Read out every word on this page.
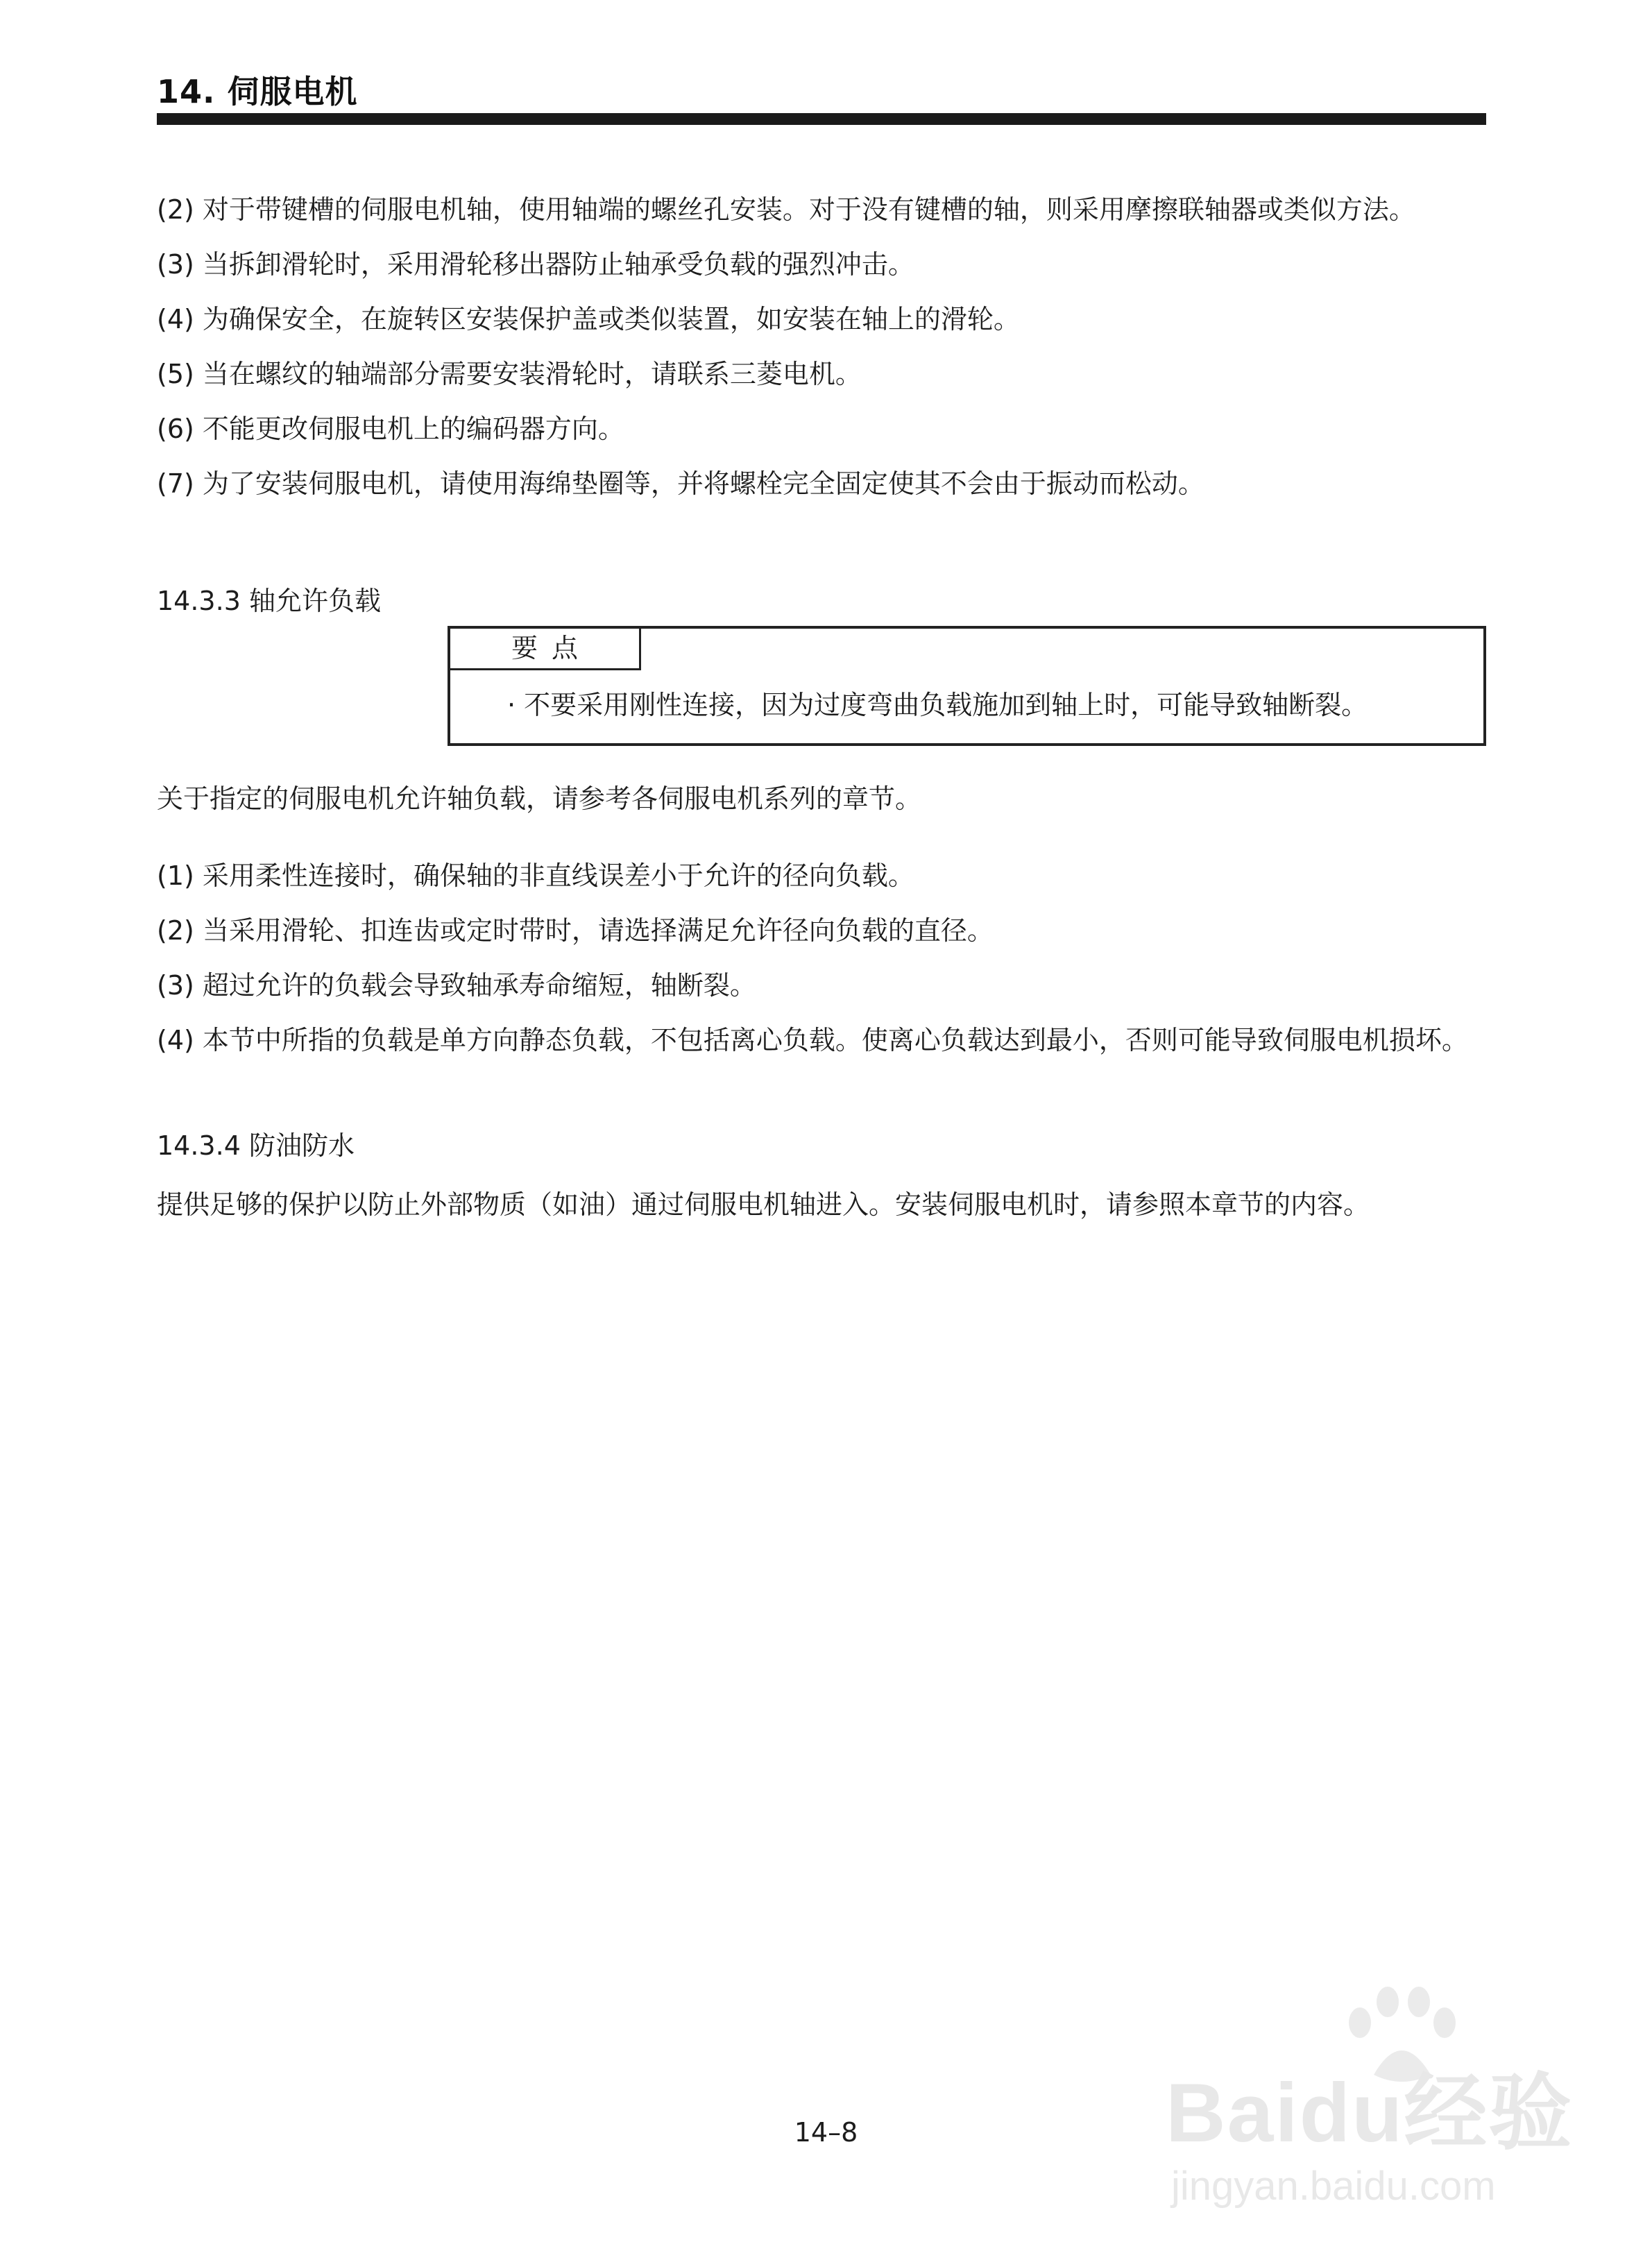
14. 伺服电机
(2) 对于带键槽的伺服电机轴，使用轴端的螺丝孔安装。对于没有键槽的轴，则采用摩擦联轴器或类似方法。
(3) 当拆卸滑轮时，采用滑轮移出器防止轴承受负载的强烈冲击。
(4) 为确保安全，在旋转区安装保护盖或类似装置，如安装在轴上的滑轮。
(5) 当在螺纹的轴端部分需要安装滑轮时，请联系三菱电机。
(6) 不能更改伺服电机上的编码器方向。
(7) 为了安装伺服电机，请使用海绵垫圈等，并将螺栓完全固定使其不会由于振动而松动。
14.3.3 轴允许负载
要点
· 不要采用刚性连接，因为过度弯曲负载施加到轴上时，可能导致轴断裂。
关于指定的伺服电机允许轴负载，请参考各伺服电机系列的章节。
(1) 采用柔性连接时，确保轴的非直线误差小于允许的径向负载。
(2) 当采用滑轮、扣连齿或定时带时，请选择满足允许径向负载的直径。
(3) 超过允许的负载会导致轴承寿命缩短，轴断裂。
(4) 本节中所指的负载是单方向静态负载，不包括离心负载。使离心负载达到最小，否则可能导致伺服电机损坏。
14.3.4 防油防水
提供足够的保护以防止外部物质（如油）通过伺服电机轴进入。安装伺服电机时，请参照本章节的内容。
14–8	Baidu经验
jingyan.baidu.com
